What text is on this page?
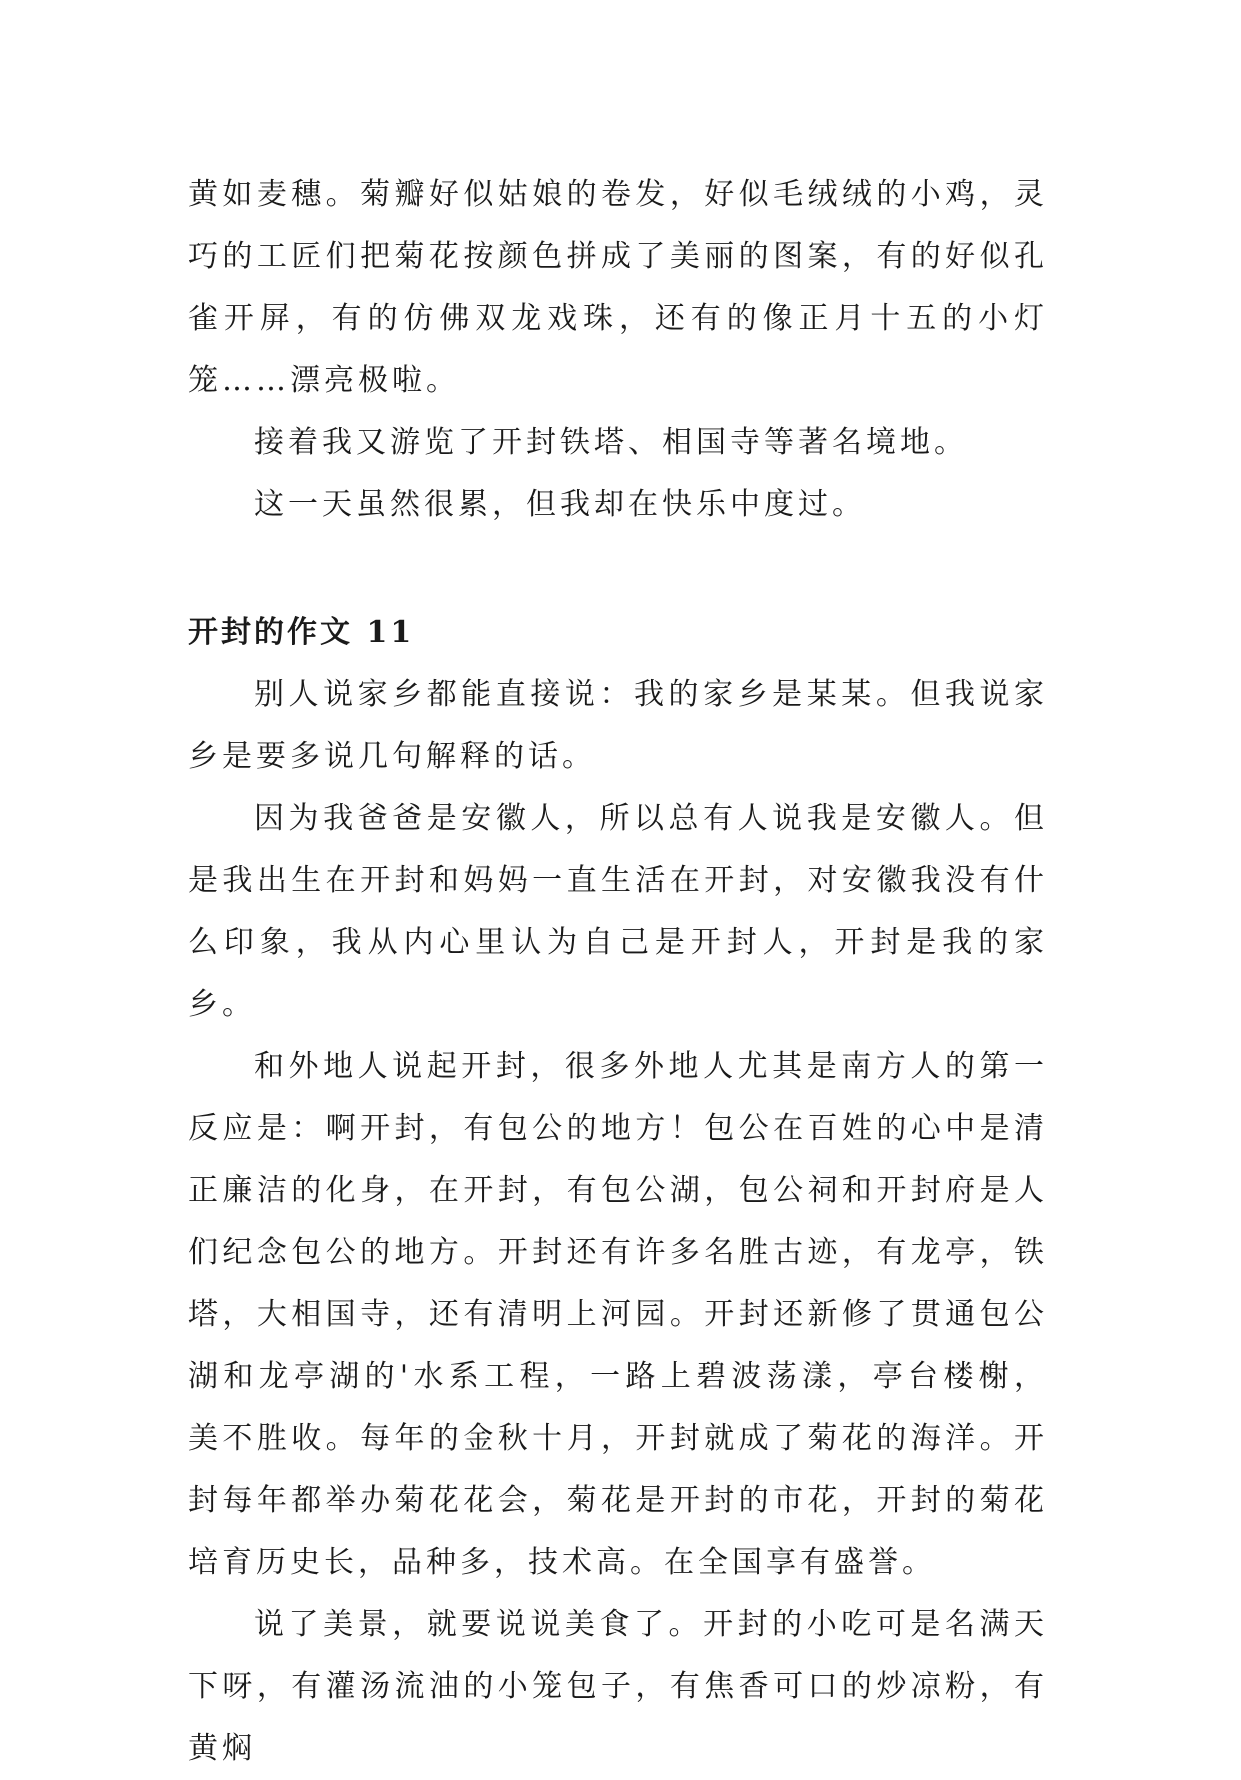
黄如麦穗。菊瓣好似姑娘的卷发，好似毛绒绒的小鸡，灵巧的工匠们把菊花按颜色拼成了美丽的图案，有的好似孔雀开屏，有的仿佛双龙戏珠，还有的像正月十五的小灯笼……漂亮极啦。

接着我又游览了开封铁塔、相国寺等著名境地。

这一天虽然很累，但我却在快乐中度过。

开封的作文 11

别人说家乡都能直接说：我的家乡是某某。但我说家乡是要多说几句解释的话。

因为我爸爸是安徽人，所以总有人说我是安徽人。但是我出生在开封和妈妈一直生活在开封，对安徽我没有什么印象，我从内心里认为自己是开封人，开封是我的家乡。

和外地人说起开封，很多外地人尤其是南方人的第一反应是：啊开封，有包公的地方！包公在百姓的心中是清正廉洁的化身，在开封，有包公湖，包公祠和开封府是人们纪念包公的地方。开封还有许多名胜古迹，有龙亭，铁塔，大相国寺，还有清明上河园。开封还新修了贯通包公湖和龙亭湖的'水系工程，一路上碧波荡漾，亭台楼榭，美不胜收。每年的金秋十月，开封就成了菊花的海洋。开封每年都举办菊花花会，菊花是开封的市花，开封的菊花培育历史长，品种多，技术高。在全国享有盛誉。

说了美景，就要说说美食了。开封的小吃可是名满天下呀，有灌汤流油的小笼包子，有焦香可口的炒凉粉，有黄焖
